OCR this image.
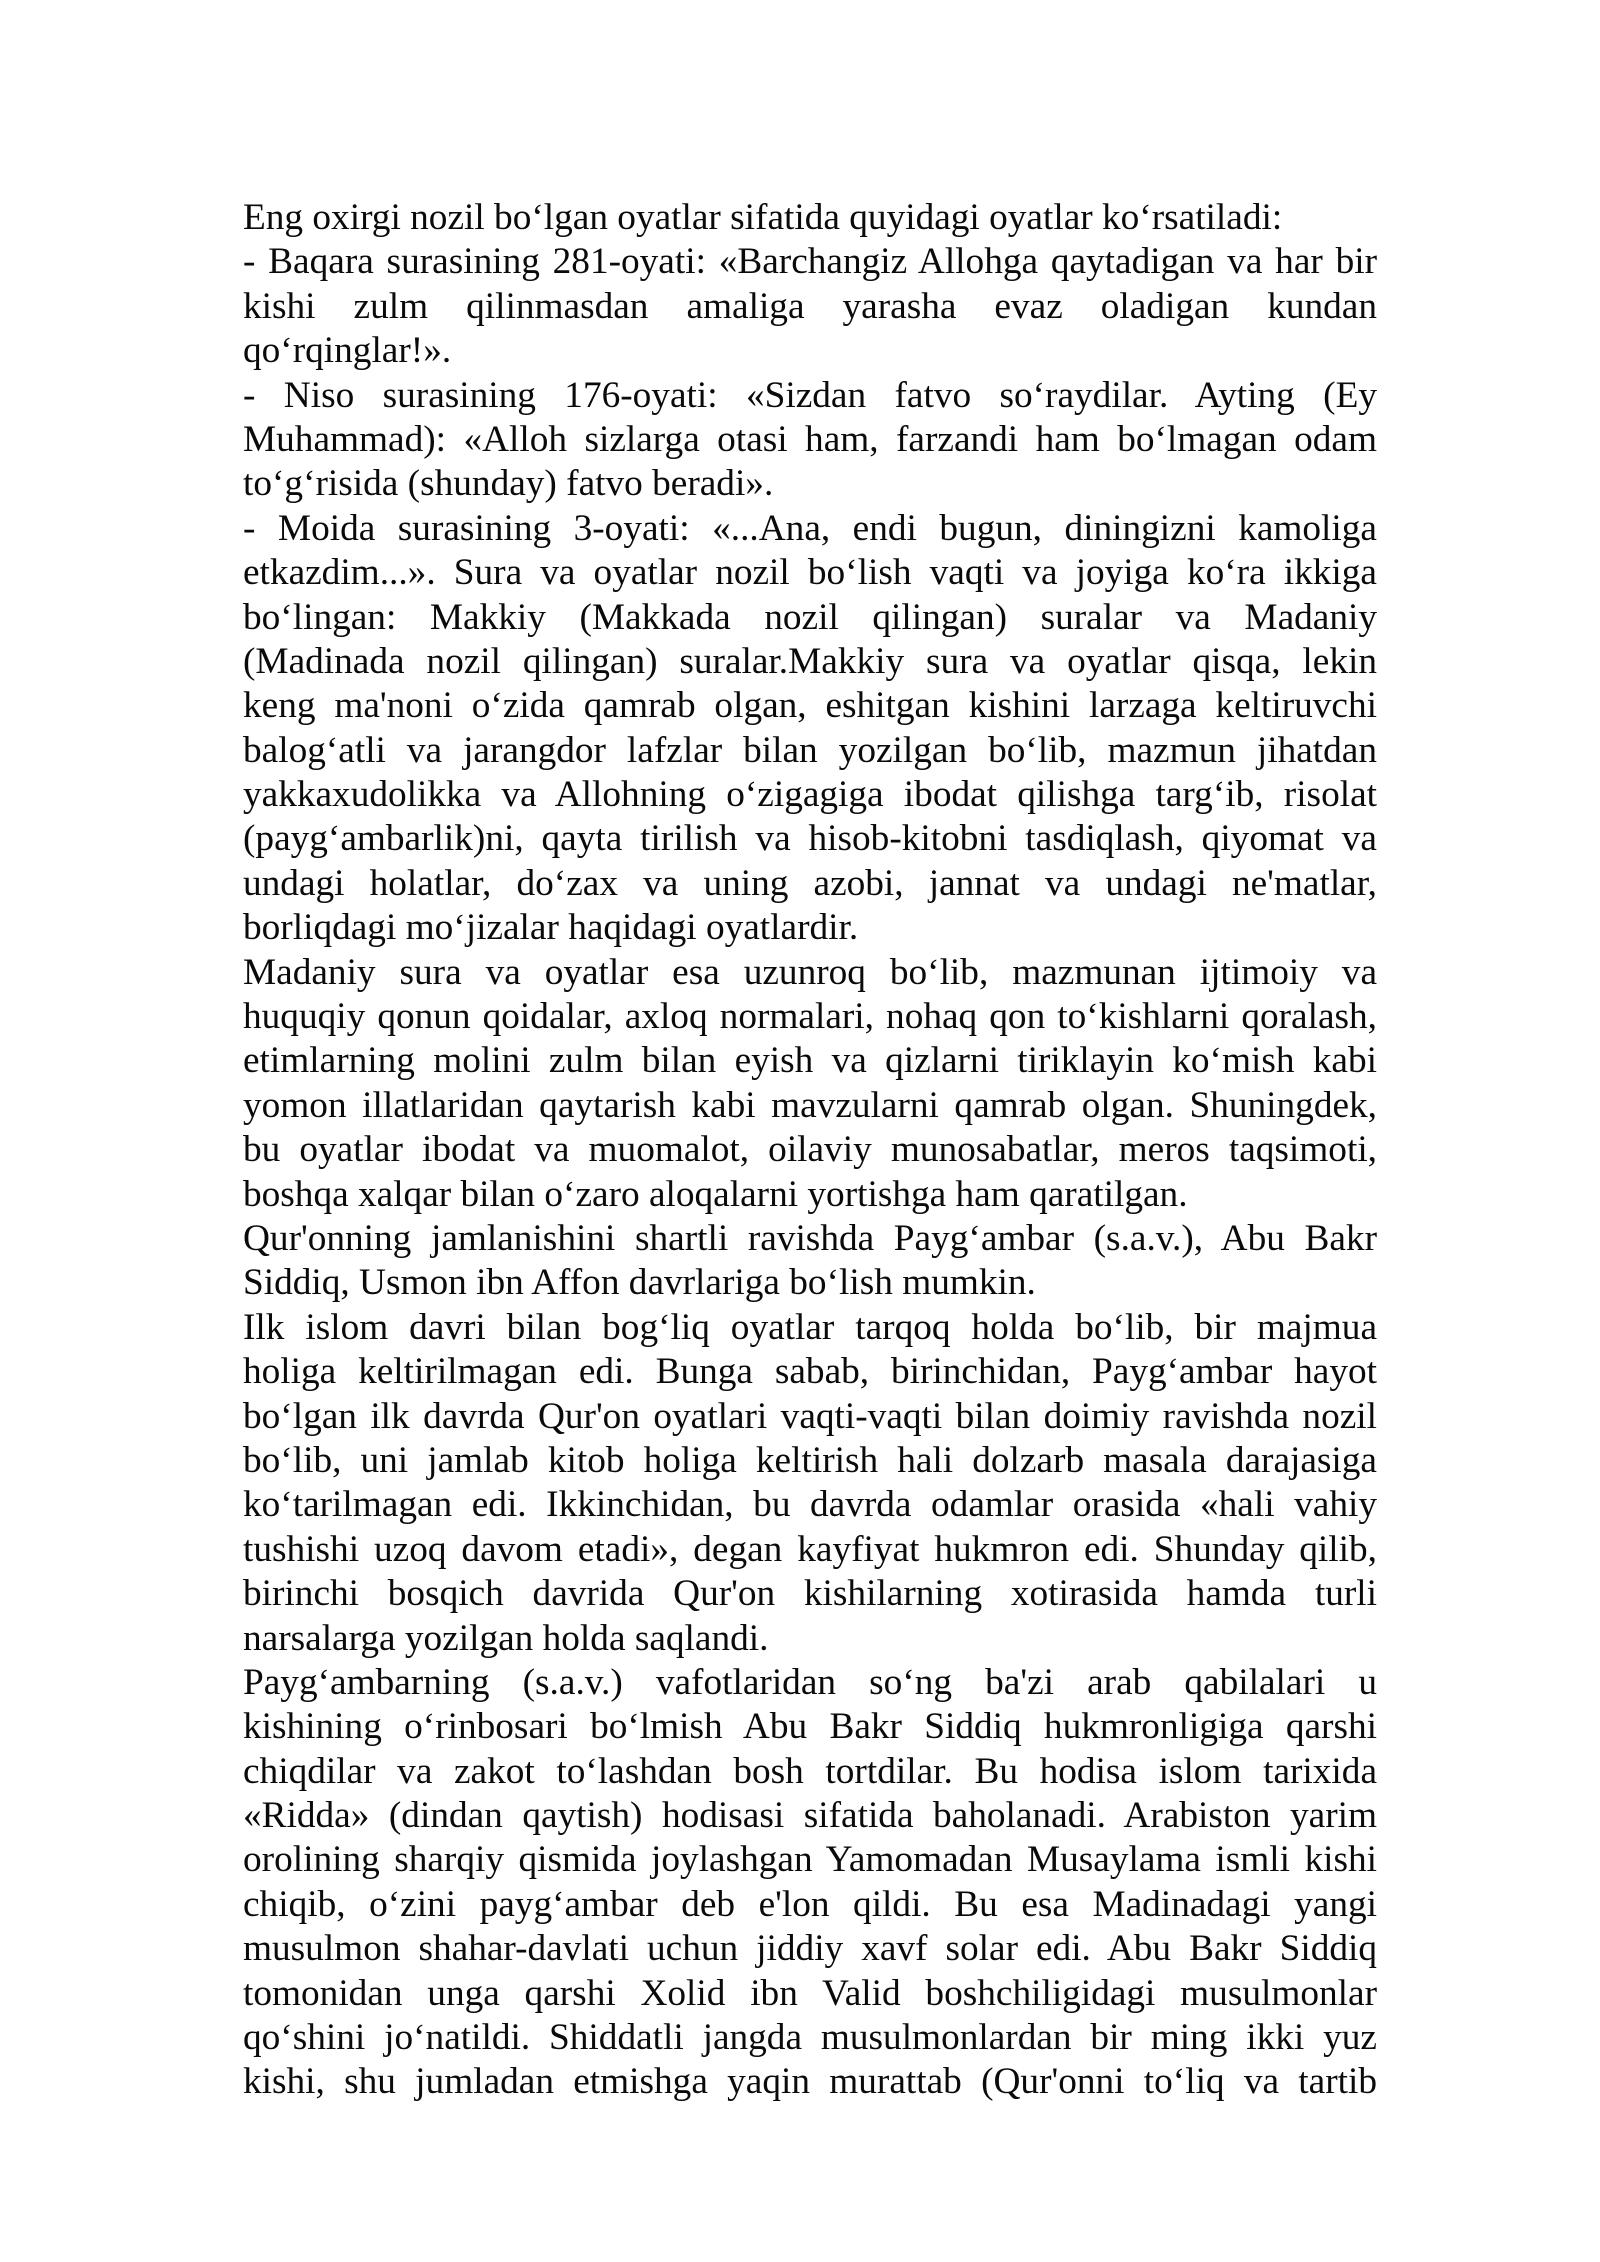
Eng oxirgi nozil bo‘lgan oyatlar sifatida quyidagi oyatlar ko‘rsatiladi:
- Baqara surasining 281-oyati: «Barchangiz Allohga qaytadigan va har bir
kishi zulm qilinmasdan amaliga yarasha evaz oladigan kundan
qo‘rqinglar!».
- Niso surasining 176-oyati: «Sizdan fatvo so‘raydilar. Ayting (Ey
Muhammad): «Alloh sizlarga otasi ham, farzandi ham bo‘lmagan odam
to‘g‘risida (shunday) fatvo beradi».
- Moida surasining 3-oyati: «...Ana, endi bugun, diningizni kamoliga
etkazdim...». Sura va oyatlar nozil bo‘lish vaqti va joyiga ko‘ra ikkiga
bo‘lingan: Makkiy (Makkada nozil qilingan) suralar va Madaniy
(Madinada nozil qilingan) suralar.Makkiy sura va oyatlar qisqa, lekin
keng ma'noni o‘zida qamrab olgan, eshitgan kishini larzaga keltiruvchi
balog‘atli va jarangdor lafzlar bilan yozilgan bo‘lib, mazmun jihatdan
yakkaxudolikka va Allohning o‘zigagiga ibodat qilishga targ‘ib, risolat
(payg‘ambarlik)ni, qayta tirilish va hisob-kitobni tasdiqlash, qiyomat va
undagi holatlar, do‘zax va uning azobi, jannat va undagi ne'matlar,
borliqdagi mo‘jizalar haqidagi oyatlardir.
Madaniy sura va oyatlar esa uzunroq bo‘lib, mazmunan ijtimoiy va
huquqiy qonun qoidalar, axloq normalari, nohaq qon to‘kishlarni qoralash,
etimlarning molini zulm bilan eyish va qizlarni tiriklayin ko‘mish kabi
yomon illatlaridan qaytarish kabi mavzularni qamrab olgan. Shuningdek,
bu oyatlar ibodat va muomalot, oilaviy munosabatlar, meros taqsimoti,
boshqa xalqar bilan o‘zaro aloqalarni yortishga ham qaratilgan.
Qur'onning jamlanishini shartli ravishda Payg‘ambar (s.a.v.), Abu Bakr
Siddiq, Usmon ibn Affon davrlariga bo‘lish mumkin.
Ilk islom davri bilan bog‘liq oyatlar tarqoq holda bo‘lib, bir majmua
holiga keltirilmagan edi. Bunga sabab, birinchidan, Payg‘ambar hayot
bo‘lgan ilk davrda Qur'on oyatlari vaqti-vaqti bilan doimiy ravishda nozil
bo‘lib, uni jamlab kitob holiga keltirish hali dolzarb masala darajasiga
ko‘tarilmagan edi. Ikkinchidan, bu davrda odamlar orasida «hali vahiy
tushishi uzoq davom etadi», degan kayfiyat hukmron edi. Shunday qilib,
birinchi bosqich davrida Qur'on kishilarning xotirasida hamda turli
narsalarga yozilgan holda saqlandi.
Payg‘ambarning (s.a.v.) vafotlaridan so‘ng ba'zi arab qabilalari u
kishining o‘rinbosari bo‘lmish Abu Bakr Siddiq hukmronligiga qarshi
chiqdilar va zakot to‘lashdan bosh tortdilar. Bu hodisa islom tarixida
«Ridda» (dindan qaytish) hodisasi sifatida baholanadi. Arabiston yarim
orolining sharqiy qismida joylashgan Yamomadan Musaylama ismli kishi
chiqib, o‘zini payg‘ambar deb e'lon qildi. Bu esa Madinadagi yangi
musulmon shahar-davlati uchun jiddiy xavf solar edi. Abu Bakr Siddiq
tomonidan unga qarshi Xolid ibn Valid boshchiligidagi musulmonlar
qo‘shini jo‘natildi. Shiddatli jangda musulmonlardan bir ming ikki yuz
kishi, shu jumladan etmishga yaqin murattab (Qur'onni to‘liq va tartib
